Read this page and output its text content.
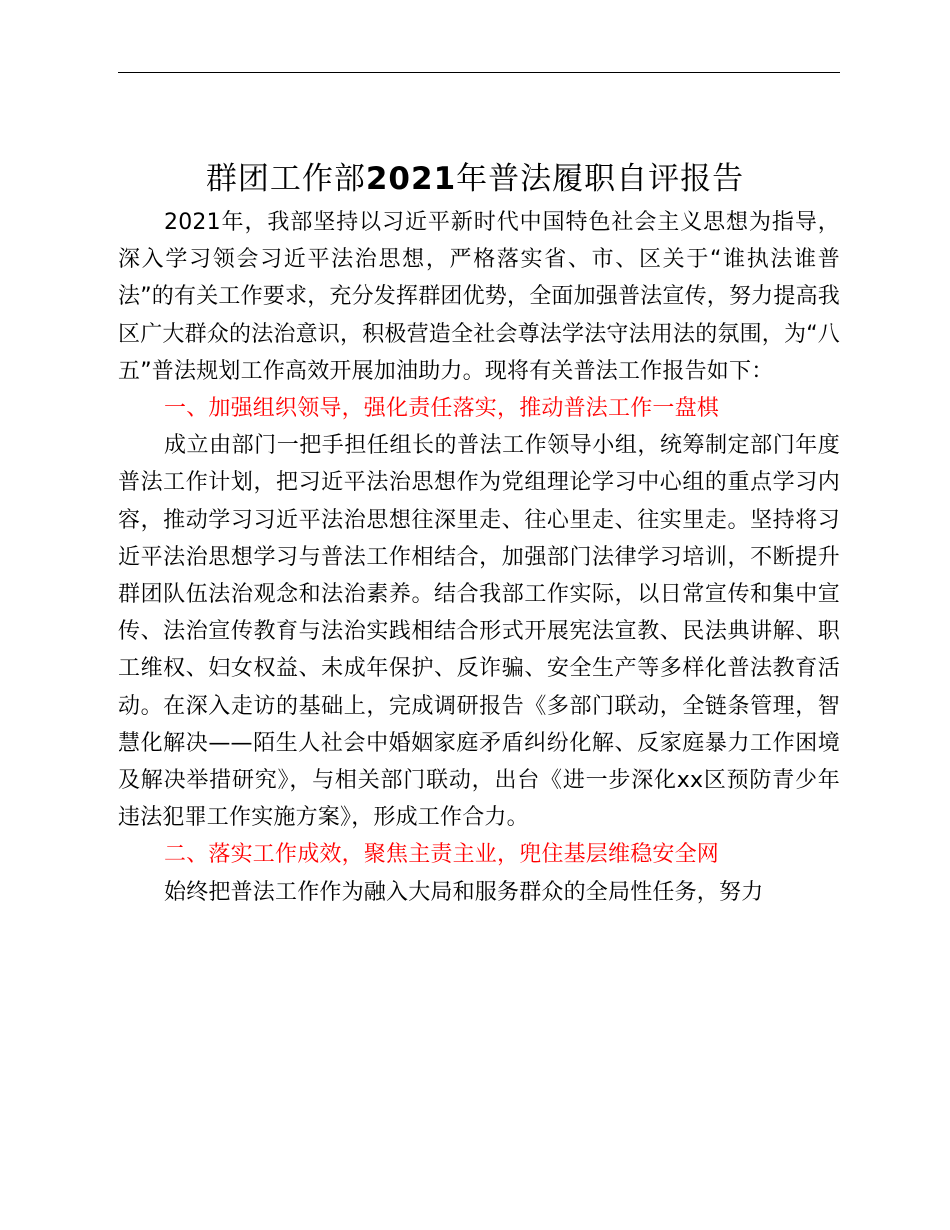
群团工作部2021年普法履职自评报告

2021年，我部坚持以习近平新时代中国特色社会主义思想为指导，深入学习领会习近平法治思想，严格落实省、市、区关于“谁执法谁普法”的有关工作要求，充分发挥群团优势，全面加强普法宣传，努力提高我区广大群众的法治意识，积极营造全社会尊法学法守法用法的氛围，为“八五”普法规划工作高效开展加油助力。现将有关普法工作报告如下：

一、加强组织领导，强化责任落实，推动普法工作一盘棋

成立由部门一把手担任组长的普法工作领导小组，统筹制定部门年度普法工作计划，把习近平法治思想作为党组理论学习中心组的重点学习内容，推动学习习近平法治思想往深里走、往心里走、往实里走。坚持将习近平法治思想学习与普法工作相结合，加强部门法律学习培训，不断提升群团队伍法治观念和法治素养。结合我部工作实际，以日常宣传和集中宣传、法治宣传教育与法治实践相结合形式开展宪法宣教、民法典讲解、职工维权、妇女权益、未成年保护、反诈骗、安全生产等多样化普法教育活动。在深入走访的基础上，完成调研报告《多部门联动，全链条管理，智慧化解决——陌生人社会中婚姻家庭矛盾纠纷化解、反家庭暴力工作困境及解决举措研究》，与相关部门联动，出台《进一步深化xx区预防青少年违法犯罪工作实施方案》，形成工作合力。

二、落实工作成效，聚焦主责主业，兜住基层维稳安全网

始终把普法工作作为融入大局和服务群众的全局性任务，努力
